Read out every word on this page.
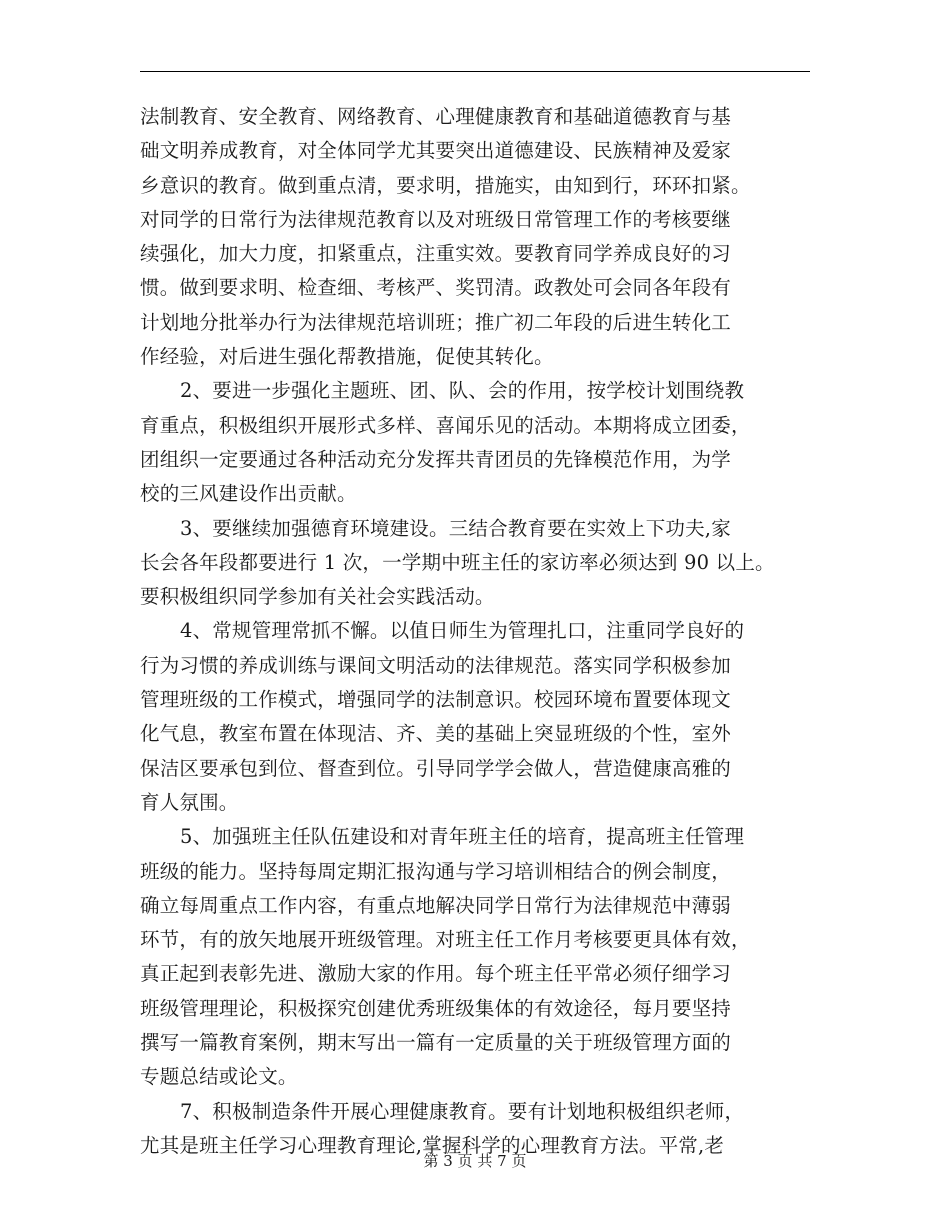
法制教育、安全教育、网络教育、心理健康教育和基础道德教育与基
础文明养成教育，对全体同学尤其要突出道德建设、民族精神及爱家
乡意识的教育。做到重点清，要求明，措施实，由知到行，环环扣紧。
对同学的日常行为法律规范教育以及对班级日常管理工作的考核要继
续强化，加大力度，扣紧重点，注重实效。要教育同学养成良好的习
惯。做到要求明、检查细、考核严、奖罚清。政教处可会同各年段有
计划地分批举办行为法律规范培训班；推广初二年段的后进生转化工
作经验，对后进生强化帮教措施，促使其转化。
2、要进一步强化主题班、团、队、会的作用，按学校计划围绕教
育重点，积极组织开展形式多样、喜闻乐见的活动。本期将成立团委，
团组织一定要通过各种活动充分发挥共青团员的先锋模范作用，为学
校的三风建设作出贡献。
3、要继续加强德育环境建设。三结合教育要在实效上下功夫,家
长会各年段都要进行 1 次，一学期中班主任的家访率必须达到 90 以上。
要积极组织同学参加有关社会实践活动。
4、常规管理常抓不懈。以值日师生为管理扎口，注重同学良好的
行为习惯的养成训练与课间文明活动的法律规范。落实同学积极参加
管理班级的工作模式，增强同学的法制意识。校园环境布置要体现文
化气息，教室布置在体现洁、齐、美的基础上突显班级的个性，室外
保洁区要承包到位、督查到位。引导同学学会做人，营造健康高雅的
育人氛围。
5、加强班主任队伍建设和对青年班主任的培育，提高班主任管理
班级的能力。坚持每周定期汇报沟通与学习培训相结合的例会制度，
确立每周重点工作内容，有重点地解决同学日常行为法律规范中薄弱
环节，有的放矢地展开班级管理。对班主任工作月考核要更具体有效，
真正起到表彰先进、激励大家的作用。每个班主任平常必须仔细学习
班级管理理论，积极探究创建优秀班级集体的有效途径，每月要坚持
撰写一篇教育案例，期末写出一篇有一定质量的关于班级管理方面的
专题总结或论文。
7、积极制造条件开展心理健康教育。要有计划地积极组织老师，
尤其是班主任学习心理教育理论,掌握科学的心理教育方法。平常,老
第 3 页 共 7 页
